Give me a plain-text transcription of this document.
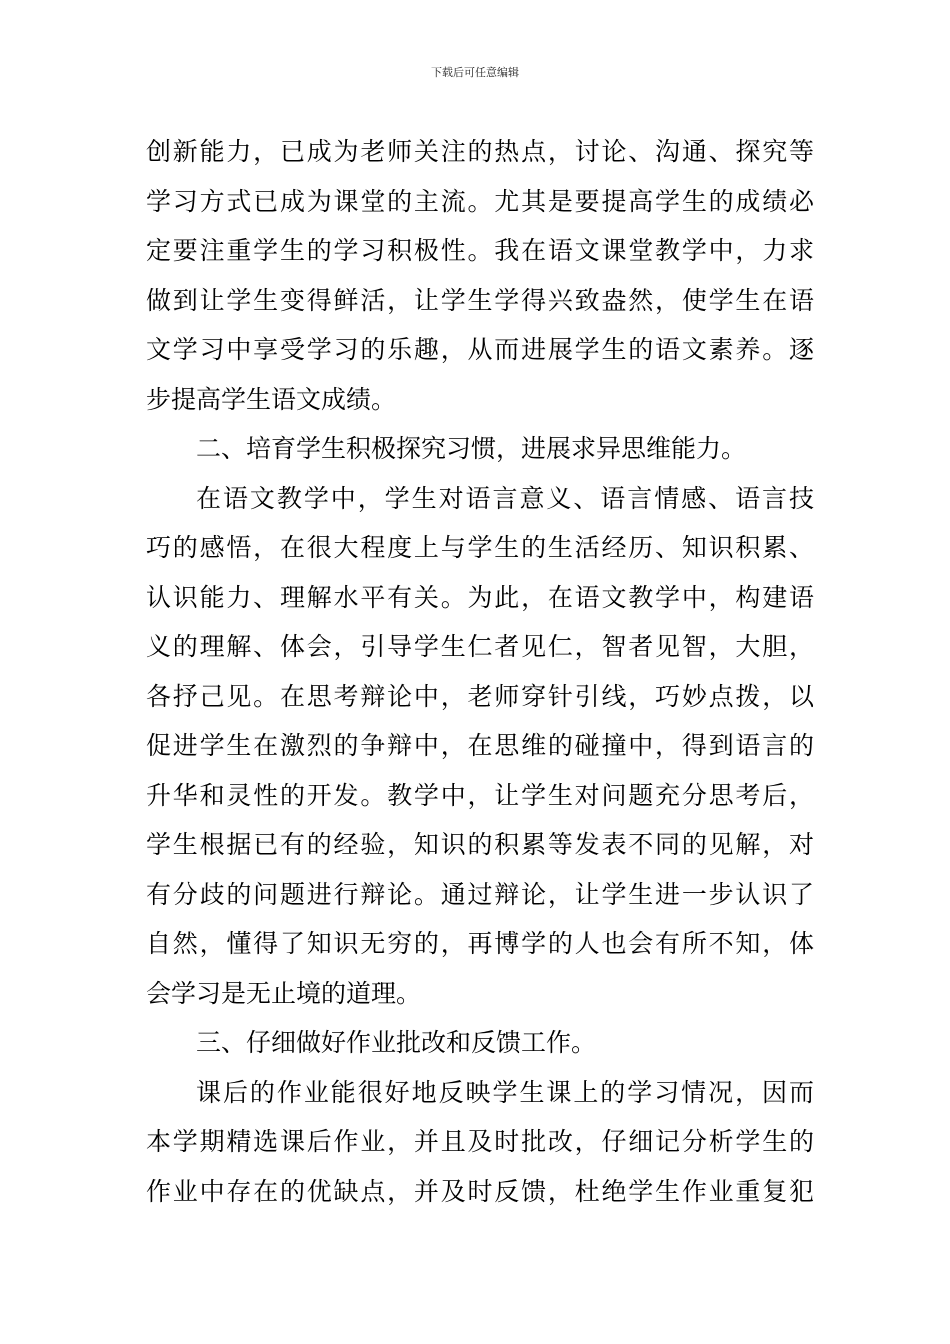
下载后可任意编辑
创新能力，已成为老师关注的热点，讨论、沟通、探究等
学习方式已成为课堂的主流。尤其是要提高学生的成绩必
定要注重学生的学习积极性。我在语文课堂教学中，力求
做到让学生变得鲜活，让学生学得兴致盎然，使学生在语
文学习中享受学习的乐趣，从而进展学生的语文素养。逐
步提高学生语文成绩。
二、培育学生积极探究习惯，进展求异思维能力。
在语文教学中，学生对语言意义、语言情感、语言技
巧的感悟，在很大程度上与学生的生活经历、知识积累、
认识能力、理解水平有关。为此，在语文教学中，构建语
义的理解、体会，引导学生仁者见仁，智者见智，大胆，
各抒己见。在思考辩论中，老师穿针引线，巧妙点拨，以
促进学生在激烈的争辩中，在思维的碰撞中，得到语言的
升华和灵性的开发。教学中，让学生对问题充分思考后，
学生根据已有的经验，知识的积累等发表不同的见解，对
有分歧的问题进行辩论。通过辩论，让学生进一步认识了
自然，懂得了知识无穷的，再博学的人也会有所不知，体
会学习是无止境的道理。
三、仔细做好作业批改和反馈工作。
课后的作业能很好地反映学生课上的学习情况，因而
本学期精选课后作业，并且及时批改，仔细记分析学生的
作业中存在的优缺点，并及时反馈，杜绝学生作业重复犯
